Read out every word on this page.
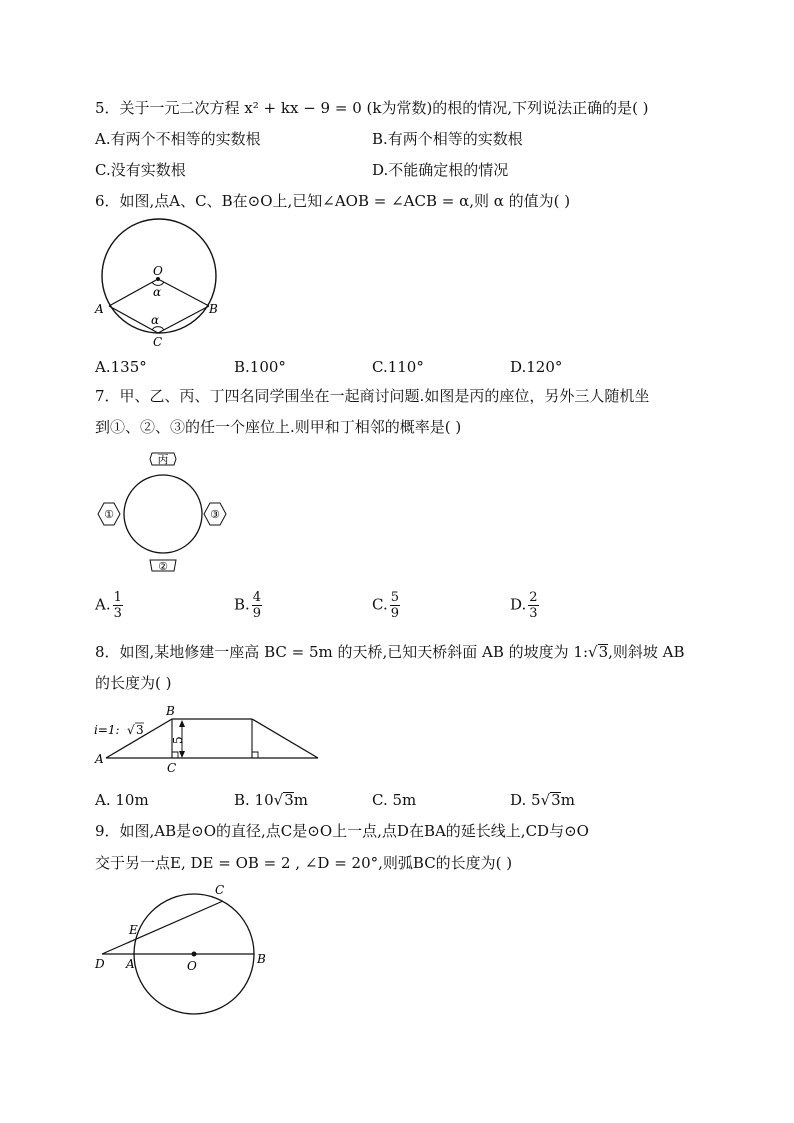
5．关于一元二次方程 x² + kx − 9 = 0 (k为常数)的根的情况,下列说法正确的是( )
A.有两个不相等的实数根	B.有两个相等的实数根
C.没有实数根	D.不能确定根的情况
6．如图,点A、C、B在⊙O上,已知∠AOB = ∠ACB = α,则 α 的值为( )
O
α
α
A	B
C
A.135°	B.100°	C.110°	D.120°
7．甲、乙、丙、丁四名同学围坐在一起商讨问题.如图是丙的座位，另外三人随机坐
到①、②、③的任一个座位上.则甲和丁相邻的概率是( )
丙
①	③
②
A. $\frac{1}{3}$	B. $\frac{4}{9}$	C. $\frac{5}{9}$	D. $\frac{2}{3}$
8．如图,某地修建一座高 BC = 5m 的天桥,已知天桥斜面 AB 的坡度为 1:√3,则斜坡 AB
的长度为( )
5
i=1: √ 3
B
A
C
A. 10m	B. 10√3m	C. 5m	D. 5√3m
9．如图,AB是⊙O的直径,点C是⊙O上一点,点D在BA的延长线上,CD与⊙O
交于另一点E, DE = OB = 2 , ∠D = 20°,则弧BC的长度为( )
C
E
D A	O	B
